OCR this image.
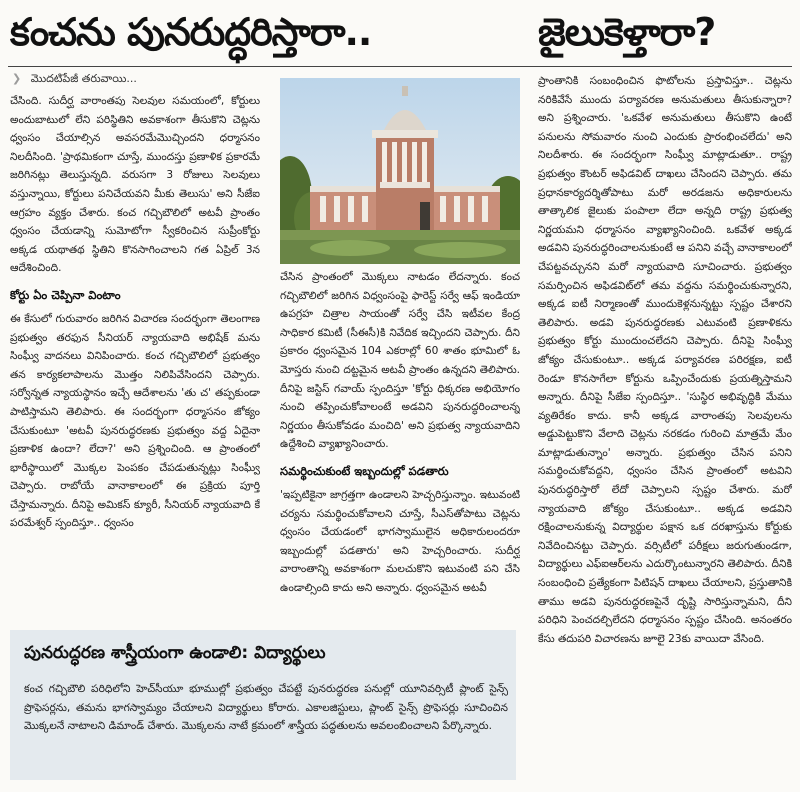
కంచను పునరుద్ధరిస్తారా..	జైలుకెళ్తారా?
❯ మొదటిపేజీ తరువాయి...

చేసింది. సుదీర్ఘ వారాంతపు సెలవుల సమయంలో, కోర్టులు అందుబాటులో లేని పరిస్థితిని అవకాశంగా తీసుకొని చెట్లను ధ్వంసం చేయాల్సిన అవసరమేమొచ్చిందని ధర్మాసనం నిలదీసింది. 'ప్రాథమికంగా చూస్తే, ముందస్తు ప్రణాళిక ప్రకారమే జరిగినట్లు తెలుస్తున్నది. వరుసగా 3 రోజులు సెలవులు వస్తున్నాయి, కోర్టులు పనిచేయవని మీకు తెలుసు' అని సీజేఐ ఆగ్రహం వ్యక్తం చేశారు. కంచ గచ్చిబౌలిలో అటవీ ప్రాంతం ధ్వంసం చేయడాన్ని సుమోటోగా స్వీకరించిన సుప్రీంకోర్టు అక్కడ యథాతథ స్థితిని కొనసాగించాలని గత ఏప్రిల్ 3న ఆదేశించింది.

కోర్టు ఏం చెప్పినా వింటాం

ఈ కేసులో గురువారం జరిగిన విచారణ సందర్భంగా తెలంగాణ ప్రభుత్వం తరఫున సీనియర్ న్యాయవాది అభిషేక్ మను సింఘ్వీ వాదనలు వినిపించారు. కంచ గచ్చిబౌలిలో ప్రభుత్వం తన కార్యకలాపాలను మొత్తం నిలిపివేసిందని చెప్పారు. సర్వోన్నత న్యాయస్థానం ఇచ్చే ఆదేశాలను 'తు చ' తప్పకుండా పాటిస్తామని తెలిపారు. ఈ సందర్భంగా ధర్మాసనం జోక్యం చేసుకుంటూ 'అటవీ పునరుద్ధరణకు ప్రభుత్వం వద్ద ఏదైనా ప్రణాళిక ఉందా? లేదా?' అని ప్రశ్నించింది. ఆ ప్రాంతంలో భారీస్థాయిలో మొక్కల పెంపకం చేపడుతున్నట్లు సింఘ్వీ చెప్పారు. రాబోయే వానాకాలంలో ఈ ప్రక్రియ పూర్తి చేస్తామన్నారు. దీనిపై అమికస్ క్యూరీ, సీనియర్ న్యాయవాది కే పరమేశ్వర్ స్పందిస్తూ.. ధ్వంసం

చేసిన ప్రాంతంలో మొక్కలు నాటడం లేదన్నారు. కంచ గచ్చిబౌలిలో జరిగిన విధ్వంసంపై ఫారెస్ట్ సర్వే ఆఫ్ ఇండియా ఉపగ్రహ చిత్రాల సాయంతో సర్వే చేసి ఇటీవల కేంద్ర సాధికార కమిటీ (సీఈసీ)కి నివేదిక ఇచ్చిందని చెప్పారు. దీని ప్రకారం ధ్వంసమైన 104 ఎకరాల్లో 60 శాతం భూమిలో ఓ మోస్తరు నుంచి దట్టమైన అటవీ ప్రాంతం ఉన్నదని తెలిపారు. దీనిపై జస్టిస్ గవాయ్ స్పందిస్తూ 'కోర్టు ధిక్కరణ అభియోగం నుంచి తప్పించుకోవాలంటే అడవిని పునరుద్ధరించాలన్న నిర్ణయం తీసుకోవడం మంచిది' అని ప్రభుత్వ న్యాయవాదిని ఉద్దేశించి వ్యాఖ్యానించారు.

సమర్థించుకుంటే ఇబ్బందుల్లో పడతారు

'ఇప్పటికైనా జాగ్రత్తగా ఉండాలని హెచ్చరిస్తున్నాం. ఇటువంటి చర్యను సమర్థించుకోవాలని చూస్తే, సీఎస్‌తోపాటు చెట్లను ధ్వంసం చేయడంలో భాగస్వాములైన అధికారులందరూ ఇబ్బందుల్లో పడతారు' అని హెచ్చరించారు. సుదీర్ఘ వారాంతాన్ని అవకాశంగా మలచుకొని ఇటువంటి పని చేసి ఉండాల్సింది కాదు అని అన్నారు. ధ్వంసమైన అటవీ

ప్రాంతానికి సంబంధించిన ఫొటోలను ప్రస్తావిస్తూ.. చెట్లను నరికివేసే ముందు పర్యావరణ అనుమతులు తీసుకున్నారా? అని ప్రశ్నించారు. 'ఒకవేళ అనుమతులు తీసుకొని ఉంటే పనులను సోమవారం నుంచి ఎందుకు ప్రారంభించలేదు' అని నిలదీశారు. ఈ సందర్భంగా సింఘ్వీ మాట్లాడుతూ.. రాష్ట్ర ప్రభుత్వం కౌంటర్ అఫిడవిట్ దాఖలు చేసిందని చెప్పారు. తమ ప్రధానకార్యదర్శితోపాటు మరో అరడజను అధికారులను తాత్కాలిక జైలుకు పంపాలా లేదా అన్నది రాష్ట్ర ప్రభుత్వ నిర్ణయమని ధర్మాసనం వ్యాఖ్యానించింది. ఒకవేళ అక్కడ అడవిని పునరుద్ధరించాలనుకుంటే ఆ పనిని వచ్చే వానాకాలంలో చేపట్టవచ్చునని మరో న్యాయవాది సూచించారు. ప్రభుత్వం సమర్పించిన అఫిడవిట్‌లో తమ వద్దను సమర్థించుకున్నారని, అక్కడ ఐటీ నిర్మాణంతో ముందుకెళ్లనున్నట్టు స్పష్టం చేశారని తెలిపారు. అడవి పునరుద్ధరణకు ఎటువంటి ప్రణాళికను ప్రభుత్వం కోర్టు ముందుంచలేదని చెప్పారు. దీనిపై సింఘ్వీ జోక్యం చేసుకుంటూ.. అక్కడ పర్యావరణ పరిరక్షణ, ఐటీ రెండూ కొనసాగేలా కోర్టును ఒప్పించేందుకు ప్రయత్నిస్తామని అన్నారు. దీనిపై సీజేఐ స్పందిస్తూ.. 'సుస్థిర అభివృద్ధికి మేము వ్యతిరేకం కాదు. కానీ అక్కడ వారాంతపు సెలవులను అడ్డుపెట్టుకొని వేలాది చెట్లను నరకడం గురించి మాత్రమే మేం మాట్లాడుతున్నాం' అన్నారు. ప్రభుత్వం చేసిన పనిని సమర్థించుకోవద్దని, ధ్వంసం చేసిన ప్రాంతంలో అటవిని పునరుద్ధరిస్తారో లేదో చెప్పాలని స్పష్టం చేశారు. మరో న్యాయవాది జోక్యం చేసుకుంటూ.. అక్కడ అడవిని రక్షించాలనుకున్న విద్యార్థుల పక్షాన ఒక దరఖాస్తును కోర్టుకు నివేదించినట్టు చెప్పారు. వర్సిటీలో పరీక్షలు జరుగుతుండగా, విద్యార్థులు ఎఫ్ఐఆర్‌లను ఎదుర్కొంటున్నారని తెలిపారు. దీనికి సంబంధించి ప్రత్యేకంగా పిటిషన్ దాఖలు చేయాలని, ప్రస్తుతానికి తాము అడవి పునరుద్ధరణపైనే దృష్టి సారిస్తున్నామని, దీని పరిధిని పెంచదల్చిలేదని ధర్మాసనం స్పష్టం చేసింది. అనంతరం కేసు తదుపరి విచారణను జూలై 23కు వాయిదా వేసింది.

పునరుద్ధరణ శాస్త్రీయంగా ఉండాలి: విద్యార్థులు

కంచ గచ్చిబౌలి పరిధిలోని హెచ్‌సీయూ భూముల్లో ప్రభుత్వం చేపట్టే పునరుద్ధరణ పనుల్లో యూనివర్సిటీ ప్లాంట్ సైన్స్ ప్రొఫెసర్లను, తమను భాగస్వామ్యం చేయాలని విద్యార్థులు కోరారు. ఎకాలజిస్టులు, ప్లాంట్ సైన్స్ ప్రొఫెసర్లు సూచించిన మొక్కలనే నాటాలని డిమాండ్ చేశారు. మొక్కలను నాటే క్రమంలో శాస్త్రీయ పద్ధతులను అవలంబించాలని పేర్కొన్నారు.
